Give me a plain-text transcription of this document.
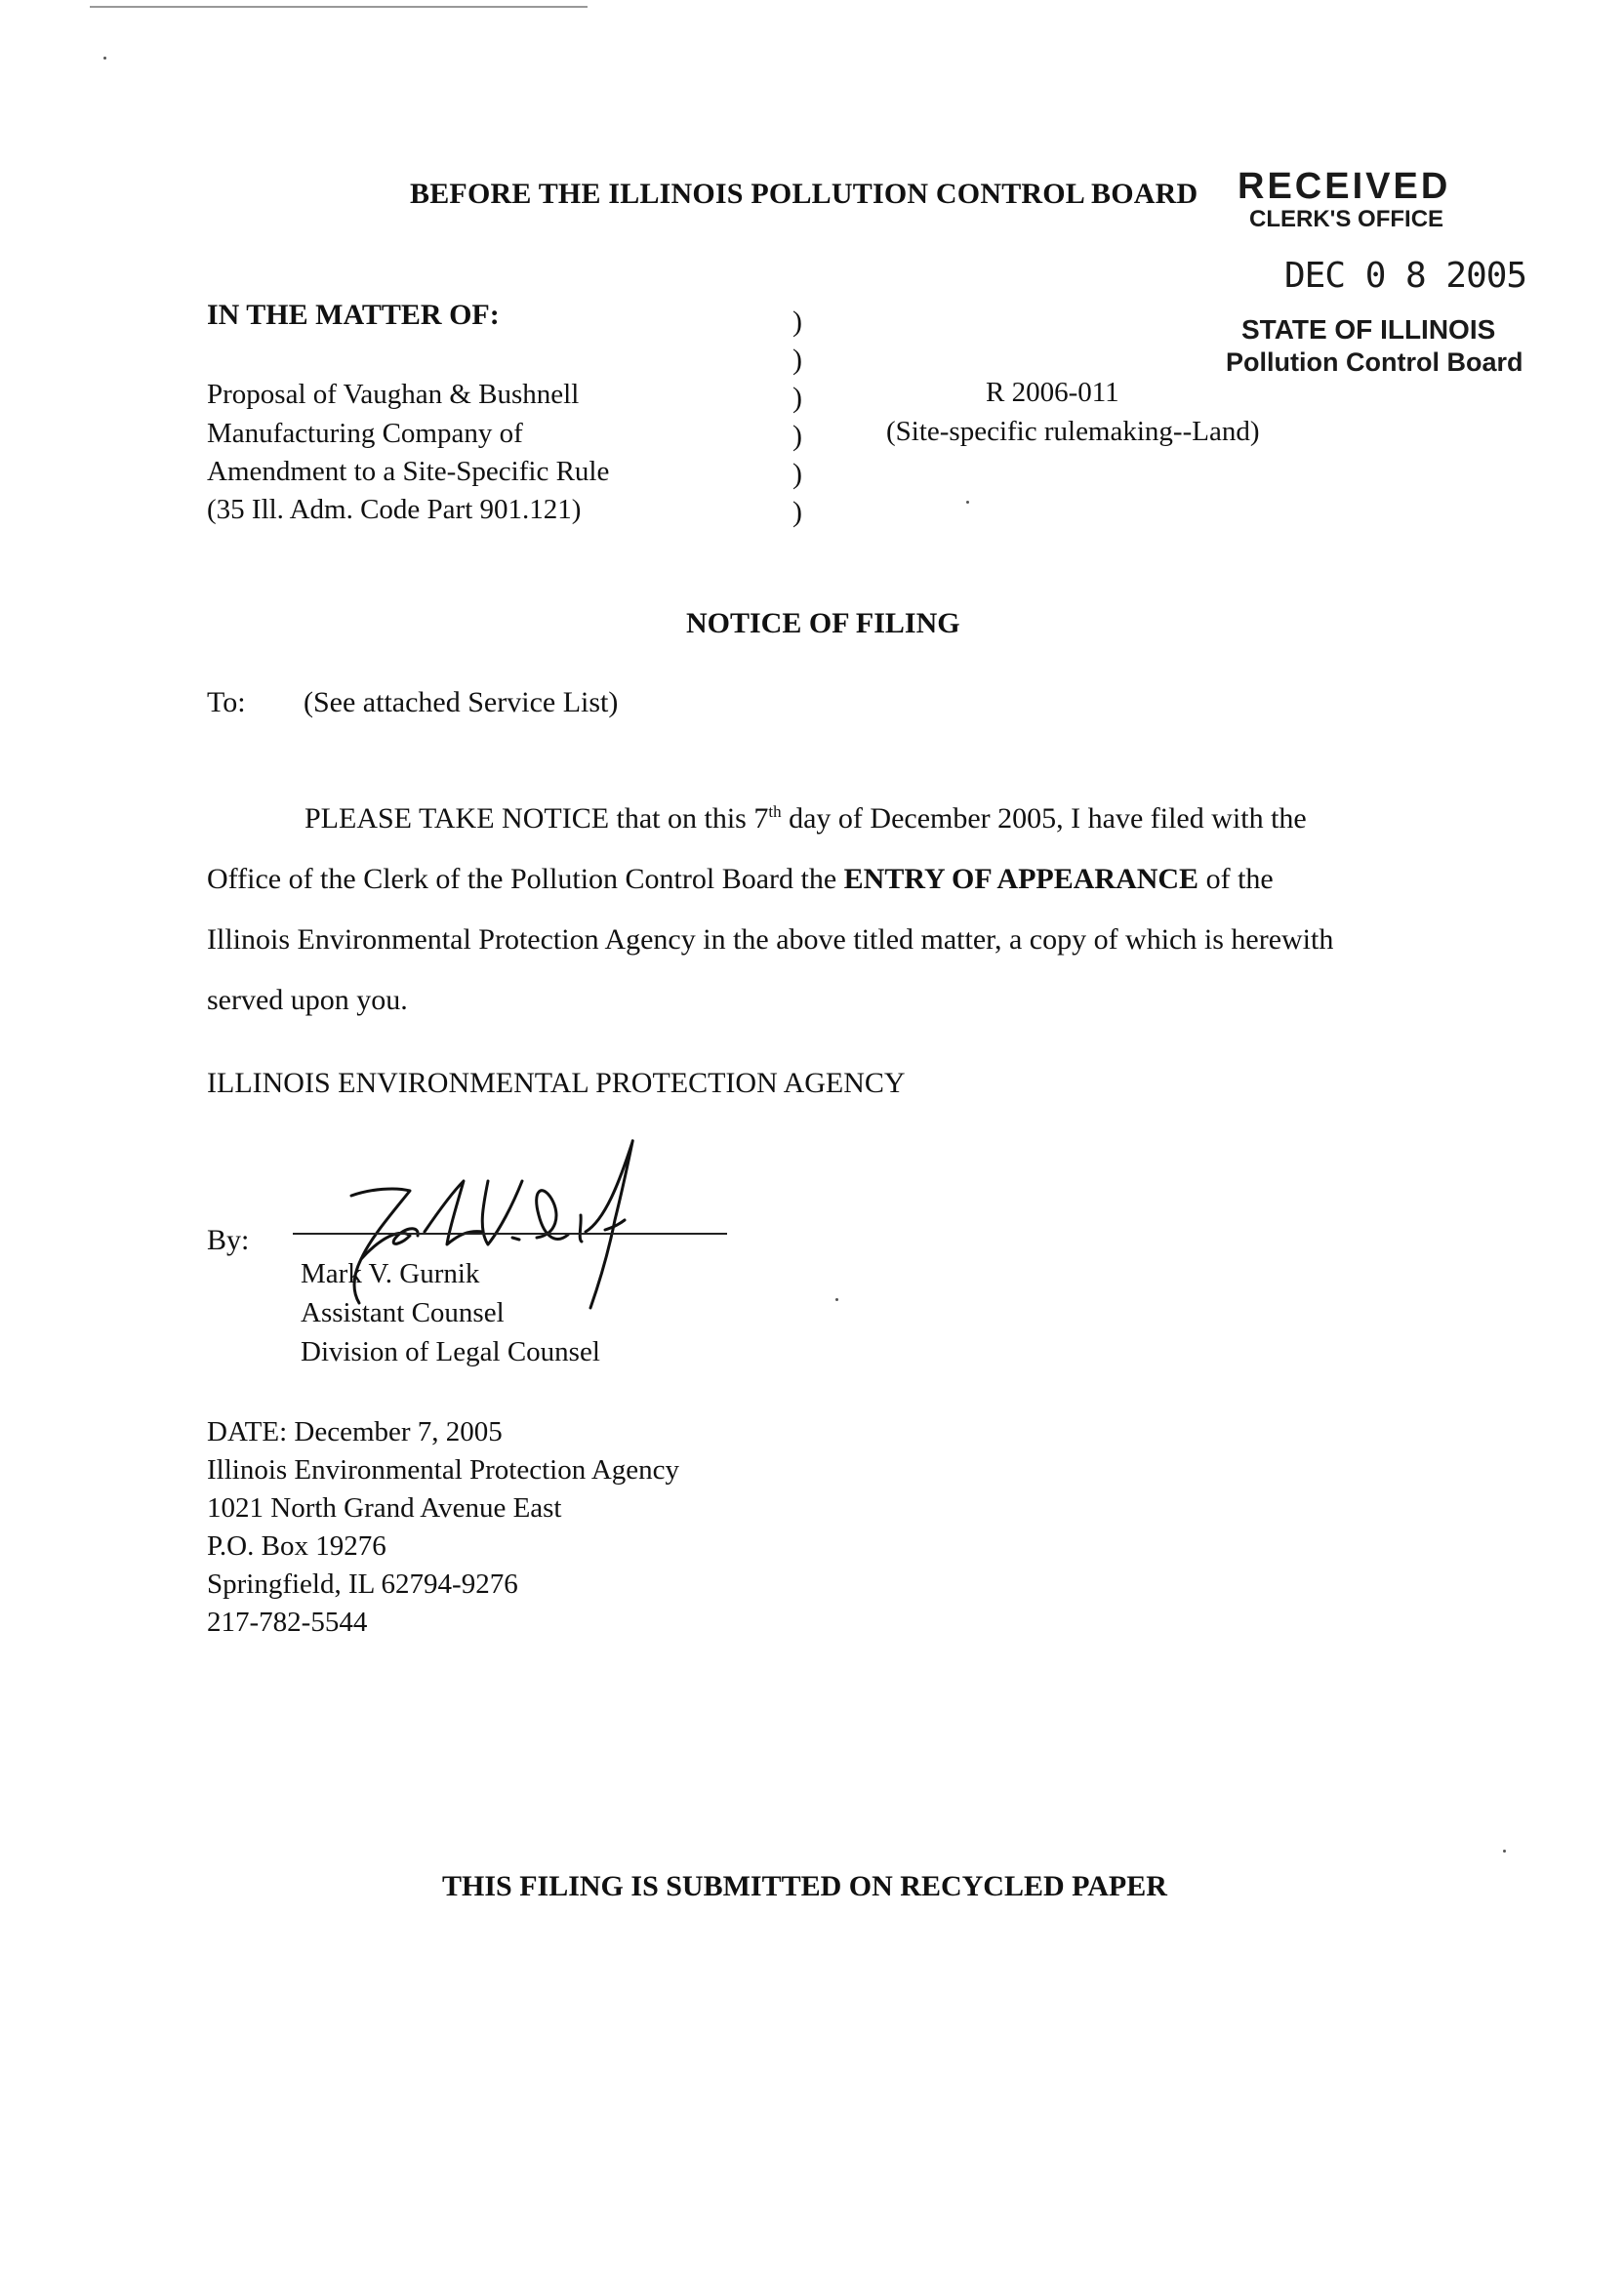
BEFORE THE ILLINOIS POLLUTION CONTROL BOARD RECEIVED
CLERK'S OFFICE
DEC 0 8 2005
STATE OF ILLINOIS
Pollution Control Board
IN THE MATTER OF:
Proposal of Vaughan & Bushnell
Manufacturing Company of
Amendment to a Site-Specific Rule
(35 Ill. Adm. Code Part 901.121)
)
)
)
)
)
)
R 2006-011
(Site-specific rulemaking--Land)
NOTICE OF FILING
To: (See attached Service List)

PLEASE TAKE NOTICE that on this 7th day of December 2005, I have filed with the

Office of the Clerk of the Pollution Control Board the ENTRY OF APPEARANCE of the

Illinois Environmental Protection Agency in the above titled matter, a copy of which is herewith

served upon you.

ILLINOIS ENVIRONMENTAL PROTECTION AGENCY
By:
Mark V. Gurnik
Assistant Counsel
Division of Legal Counsel
DATE: December 7, 2005
Illinois Environmental Protection Agency
1021 North Grand Avenue East
P.O. Box 19276
Springfield, IL 62794-9276
217-782-5544
THIS FILING IS SUBMITTED ON RECYCLED PAPER
